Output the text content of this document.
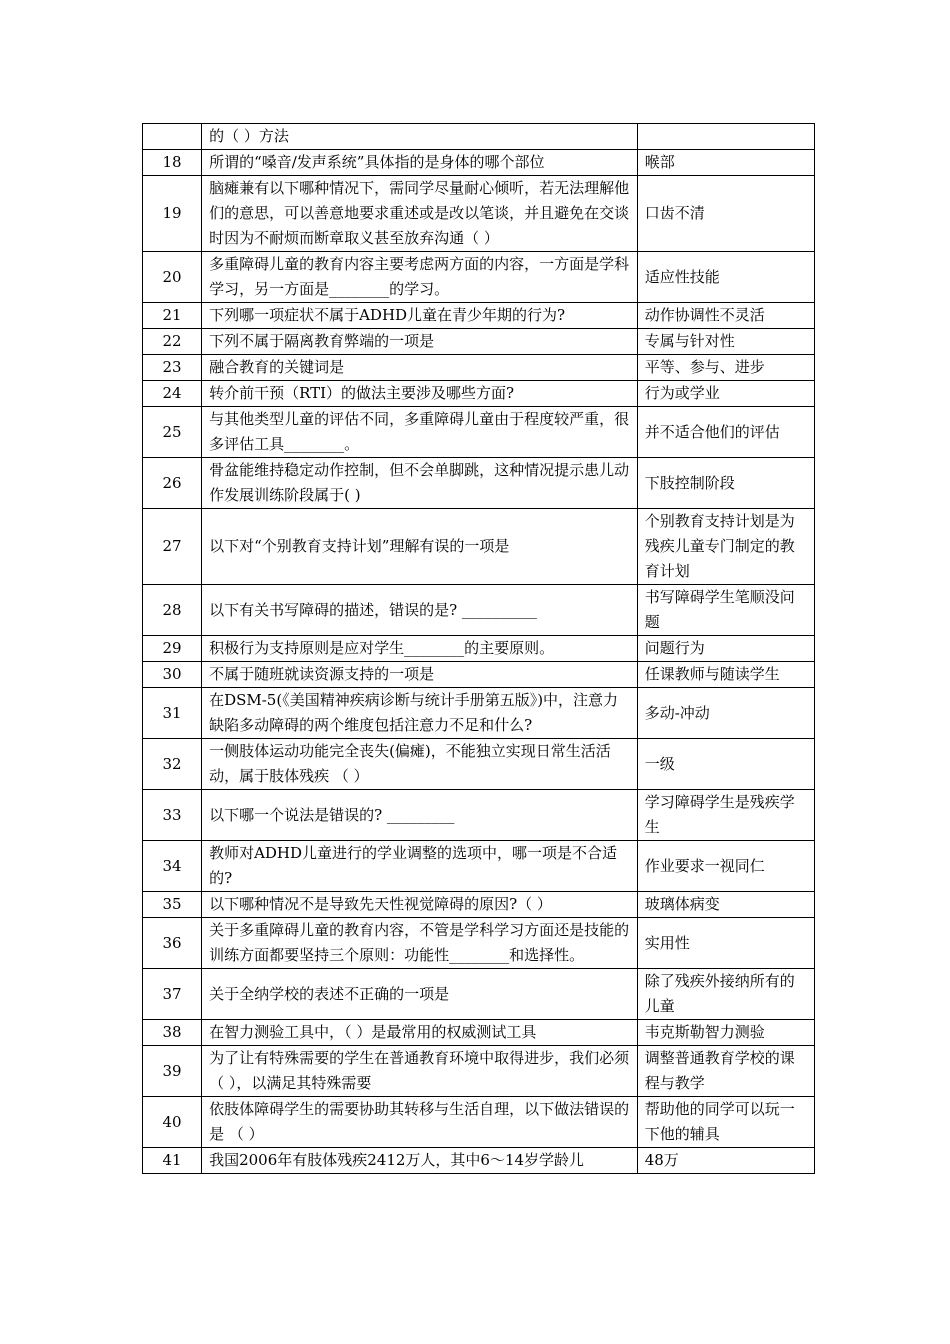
	的（ ）方法	
18	所谓的“嗓音/发声系统”具体指的是身体的哪个部位	喉部
19	脑瘫兼有以下哪种情况下，需同学尽量耐心倾听，若无法理解他们的意思，可以善意地要求重述或是改以笔谈，并且避免在交谈时因为不耐烦而断章取义甚至放弃沟通（ ）	口齿不清
20	多重障碍儿童的教育内容主要考虑两方面的内容，一方面是学科学习，另一方面是________的学习。	适应性技能
21	下列哪一项症状不属于ADHD儿童在青少年期的行为?	动作协调性不灵活
22	下列不属于隔离教育弊端的一项是	专属与针对性
23	融合教育的关键词是	平等、参与、进步
24	转介前干预（RTI）的做法主要涉及哪些方面?	行为或学业
25	与其他类型儿童的评估不同，多重障碍儿童由于程度较严重，很多评估工具________。	并不适合他们的评估
26	骨盆能维持稳定动作控制，但不会单脚跳，这种情况提示患儿动作发展训练阶段属于( )	下肢控制阶段
27	以下对“个别教育支持计划”理解有误的一项是	个别教育支持计划是为残疾儿童专门制定的教育计划
28	以下有关书写障碍的描述，错误的是? __________	书写障碍学生笔顺没问题
29	积极行为支持原则是应对学生________的主要原则。	问题行为
30	不属于随班就读资源支持的一项是	任课教师与随读学生
31	在DSM-5(《美国精神疾病诊断与统计手册第五版》)中，注意力缺陷多动障碍的两个维度包括注意力不足和什么?	多动-冲动
32	一侧肢体运动功能完全丧失(偏瘫)，不能独立实现日常生活活动，属于肢体残疾 （ ）	一级
33	以下哪一个说法是错误的? _________	学习障碍学生是残疾学生
34	教师对ADHD儿童进行的学业调整的选项中，哪一项是不合适的?	作业要求一视同仁
35	以下哪种情况不是导致先天性视觉障碍的原因?（ ）	玻璃体病变
36	关于多重障碍儿童的教育内容，不管是学科学习方面还是技能的训练方面都要坚持三个原则：功能性________和选择性。	实用性
37	关于全纳学校的表述不正确的一项是	除了残疾外接纳所有的儿童
38	在智力测验工具中，（ ）是最常用的权威测试工具	韦克斯勒智力测验
39	为了让有特殊需要的学生在普通教育环境中取得进步，我们必须（ ），以满足其特殊需要	调整普通教育学校的课程与教学
40	依肢体障碍学生的需要协助其转移与生活自理，以下做法错误的是 （ ）	帮助他的同学可以玩一下他的辅具
41	我国2006年有肢体残疾2412万人，其中6～14岁学龄儿	48万
